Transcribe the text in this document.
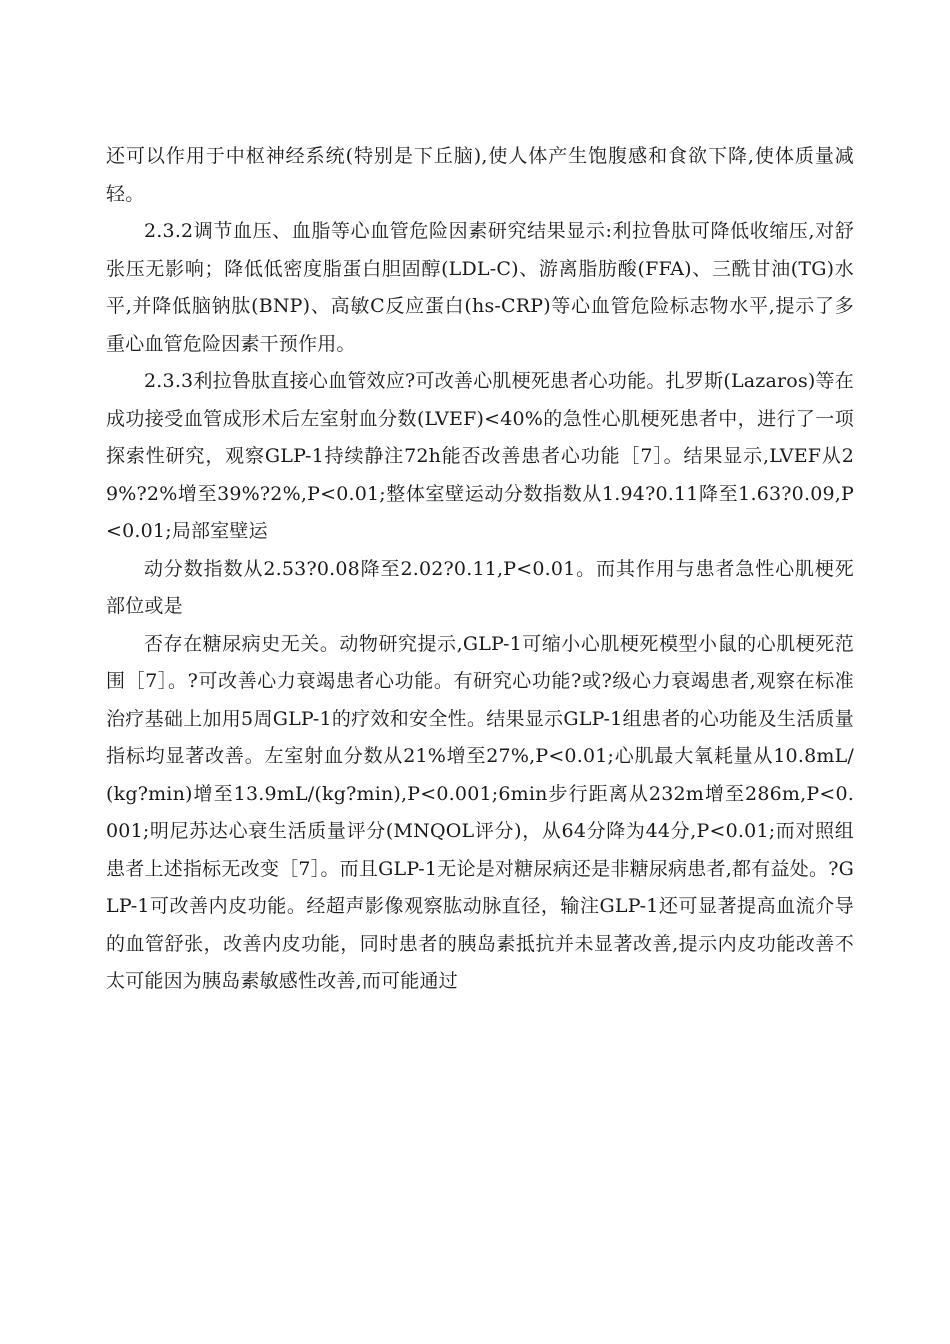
还可以作用于中枢神经系统(特别是下丘脑),使人体产生饱腹感和食欲下降,使体质量减轻。

2.3.2调节血压、血脂等心血管危险因素研究结果显示:利拉鲁肽可降低收缩压,对舒张压无影响；降低低密度脂蛋白胆固醇(LDL-C)、游离脂肪酸(FFA)、三酰甘油(TG)水平,并降低脑钠肽(BNP)、高敏C反应蛋白(hs-CRP)等心血管危险标志物水平,提示了多重心血管危险因素干预作用。

2.3.3利拉鲁肽直接心血管效应?可改善心肌梗死患者心功能。扎罗斯(Lazaros)等在成功接受血管成形术后左室射血分数(LVEF)<40%的急性心肌梗死患者中，进行了一项探索性研究，观察GLP-1持续静注72h能否改善患者心功能［7］。结果显示,LVEF从29%?2%增至39%?2%,P<0.01;整体室壁运动分数指数从1.94?0.11降至1.63?0.09,P<0.01;局部室壁运

动分数指数从2.53?0.08降至2.02?0.11,P<0.01。而其作用与患者急性心肌梗死部位或是

否存在糖尿病史无关。动物研究提示,GLP-1可缩小心肌梗死模型小鼠的心肌梗死范围［7］。?可改善心力衰竭患者心功能。有研究心功能?或?级心力衰竭患者,观察在标准治疗基础上加用5周GLP-1的疗效和安全性。结果显示GLP-1组患者的心功能及生活质量指标均显著改善。左室射血分数从21%增至27%,P<0.01;心肌最大氧耗量从10.8mL/(kg?min)增至13.9mL/(kg?min),P<0.001;6min步行距离从232m增至286m,P<0.001;明尼苏达心衰生活质量评分(MNQOL评分)，从64分降为44分,P<0.01;而对照组患者上述指标无改变［7］。而且GLP-1无论是对糖尿病还是非糖尿病患者,都有益处。?GLP-1可改善内皮功能。经超声影像观察肱动脉直径，输注GLP-1还可显著提高血流介导的血管舒张，改善内皮功能，同时患者的胰岛素抵抗并未显著改善,提示内皮功能改善不太可能因为胰岛素敏感性改善,而可能通过
